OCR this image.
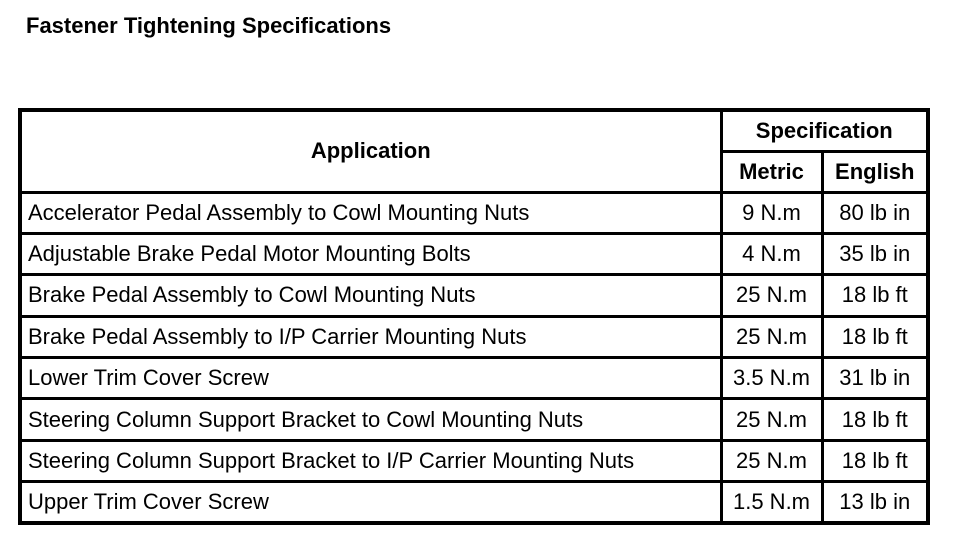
Fastener Tightening Specifications
Application	Specification	
	Metric	English
Accelerator Pedal Assembly to Cowl Mounting Nuts	9 N.m	80 lb in
Adjustable Brake Pedal Motor Mounting Bolts	4 N.m	35 lb in
Brake Pedal Assembly to Cowl Mounting Nuts	25 N.m	18 lb ft
Brake Pedal Assembly to I/P Carrier Mounting Nuts	25 N.m	18 lb ft
Lower Trim Cover Screw	3.5 N.m	31 lb in
Steering Column Support Bracket to Cowl Mounting Nuts	25 N.m	18 lb ft
Steering Column Support Bracket to I/P Carrier Mounting Nuts	25 N.m	18 lb ft
Upper Trim Cover Screw	1.5 N.m	13 lb in
